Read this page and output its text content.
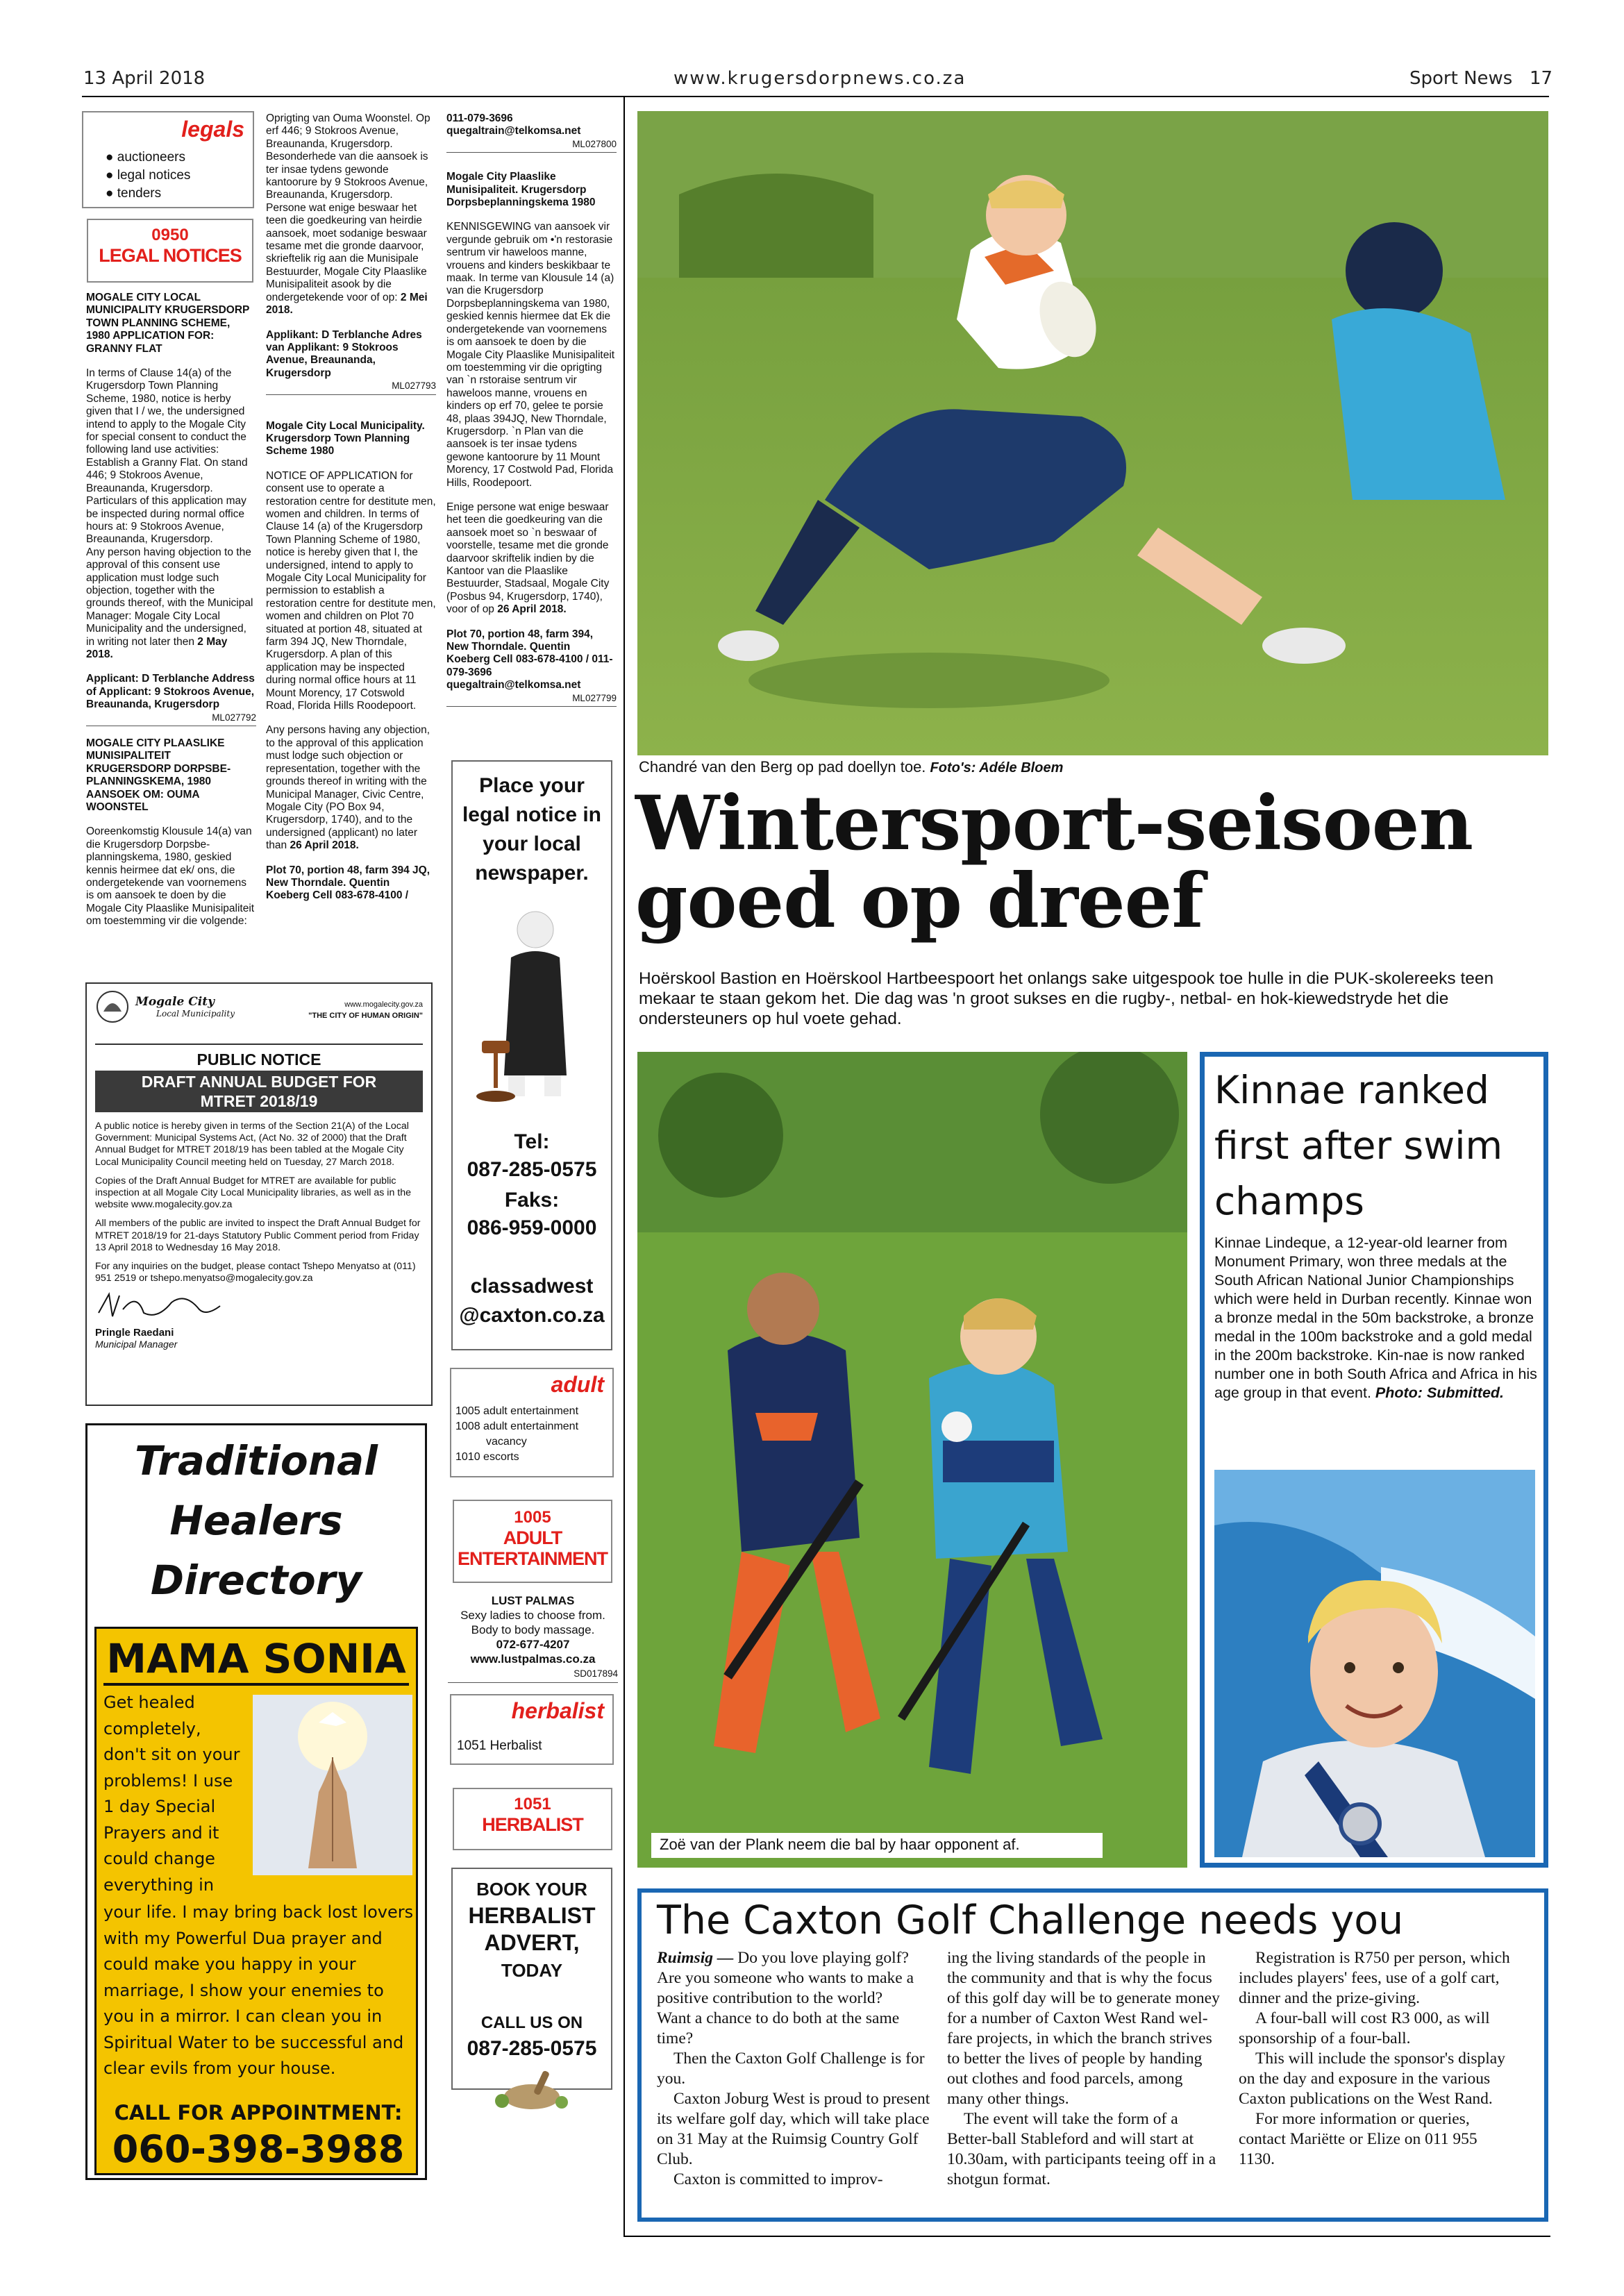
13 April 2018	www.krugersdorpnews.co.za	Sport News 17
legals
● auctioneers
● legal notices
● tenders
0950
LEGAL NOTICES

MOGALE CITY LOCAL MUNICIPALITY KRUGERSDORP TOWN PLANNING SCHEME, 1980 APPLICATION FOR: GRANNY FLAT

In terms of Clause 14(a) of the Krugersdorp Town Planning Scheme, 1980, notice is herby given that I / we, the undersigned intend to apply to the Mogale City for special consent to conduct the following land use activities: Establish a Granny Flat. On stand 446; 9 Stokroos Avenue, Breaunanda, Krugersdorp. Particulars of this application may be inspected during normal office hours at: 9 Stokroos Avenue, Breaunanda, Krugersdorp.

Any person having objection to the approval of this consent use application must lodge such objection, together with the grounds thereof, with the Municipal Manager: Mogale City Local Municipality and the undersigned, in writing not later then 2 May 2018.

Applicant: D Terblanche Address of Applicant: 9 Stokroos Avenue, Breaunanda, Krugersdorp
ML027792

MOGALE CITY PLAASLIKE MUNISIPALITEIT KRUGERSDORP DORPSBE-PLANNINGSKEMA, 1980 AANSOEK OM: OUMA WOONSTEL

Ooreenkomstig Klousule 14(a) van die Krugersdorp Dorpsbe-planningskema, 1980, geskied kennis heirmee dat ek/ ons, die ondergetekende van voornemens is om aansoek te doen by die Mogale City Plaaslike Munisipaliteit om toestemming vir die volgende:
Oprigting van Ouma Woonstel. Op erf 446; 9 Stokroos Avenue, Breaunanda, Krugersdorp. Besonderhede van die aansoek is ter insae tydens gewonde kantoorure by 9 Stokroos Avenue, Breaunanda, Krugersdorp.

Persone wat enige beswaar het teen die goedkeuring van heirdie aansoek, moet sodanige beswaar tesame met die gronde daarvoor, skrieftelik rig aan die Munisipale Bestuurder, Mogale City Plaaslike Munisipaliteit asook by die ondergetekende voor of op: 2 Mei 2018.

Applikant: D Terblanche Adres van Applikant: 9 Stokroos Avenue, Breaunanda, Krugersdorp
ML027793

Mogale City Local Municipality. Krugersdorp Town Planning Scheme 1980

NOTICE OF APPLICATION for consent use to operate a restoration centre for destitute men, women and children. In terms of Clause 14 (a) of the Krugersdorp Town Planning Scheme of 1980, notice is hereby given that I, the undersigned, intend to apply to Mogale City Local Municipality for permission to establish a restoration centre for destitute men, women and children on Plot 70 situated at portion 48, situated at farm 394 JQ, New Thorndale, Krugersdorp. A plan of this application may be inspected during normal office hours at 11 Mount Morency, 17 Cotswold Road, Florida Hills Roodepoort.

Any persons having any objection, to the approval of this application must lodge such objection or representation, together with the grounds thereof in writing with the Municipal Manager, Civic Centre, Mogale City (PO Box 94, Krugersdorp, 1740), and to the undersigned (applicant) no later than 26 April 2018.

Plot 70, portion 48, farm 394 JQ, New Thorndale. Quentin Koeberg Cell 083-678-4100 /
011-079-3696
quegaltrain@telkomsa.net
ML027800

Mogale City Plaaslike Munisipaliteit. Krugersdorp Dorpsbeplanningskema 1980

KENNISGEWING van aansoek vir vergunde gebruik om •'n restorasie sentrum vir haweloos manne, vrouens and kinders beskikbaar te maak. In terme van Klousule 14 (a) van die Krugersdorp Dorpsbeplanningskema van 1980, geskied kennis hiermee dat Ek die ondergetekende van voornemens is om aansoek te doen by die Mogale City Plaaslike Munisipaliteit om toestemming vir die oprigting van `n rstoraise sentrum vir haweloos manne, vrouens en kinders op erf 70, gelee te porsie 48, plaas 394JQ, New Thorndale, Krugersdorp. `n Plan van die aansoek is ter insae tydens gewone kantoorure by 11 Mount Morency, 17 Costwold Pad, Florida Hills, Roodepoort.

Enige persone wat enige beswaar het teen die goedkeuring van die aansoek moet so `n beswaar of voorstelle, tesame met die gronde daarvoor skriftelik indien by die Kantoor van die Plaaslike Bestuurder, Stadsaal, Mogale City (Posbus 94, Krugersdorp, 1740), voor of op 26 April 2018.

Plot 70, portion 48, farm 394, New Thorndale. Quentin Koeberg Cell 083-678-4100 / 011-079-3696 quegaltrain@telkomsa.net
ML027799
Place your legal notice in your local newspaper.
Tel:
087-285-0575
Faks:
086-959-0000
classadwest
@caxton.co.za
adult
1005 adult entertainment
1008 adult entertainment
vacancy
1010 escorts
1005
ADULT ENTERTAINMENT
LUST PALMAS
Sexy ladies to choose from.
Body to body massage.
072-677-4207
www.lustpalmas.co.za
SD017894
herbalist
1051 Herbalist
1051
HERBALIST
BOOK YOUR
HERBALIST
ADVERT,
TODAY
CALL US ON
087-285-0575
Mogale City
Local Municipality
www.mogalecity.gov.za
"THE CITY OF HUMAN ORIGIN"
PUBLIC NOTICE
DRAFT ANNUAL BUDGET FOR MTRET 2018/19

A public notice is hereby given in terms of the Section 21(A) of the Local Government: Municipal Systems Act, (Act No. 32 of 2000) that the Draft Annual Budget for MTRET 2018/19 has been tabled at the Mogale City Local Municipality Council meeting held on Tuesday, 27 March 2018.

Copies of the Draft Annual Budget for MTRET are available for public inspection at all Mogale City Local Municipality libraries, as well as in the website www.mogalecity.gov.za

All members of the public are invited to inspect the Draft Annual Budget for MTRET 2018/19 for 21-days Statutory Public Comment period from Friday 13 April 2018 to Wednesday 16 May 2018.

For any inquiries on the budget, please contact Tshepo Menyatso at (011) 951 2519 or tshepo.menyatso@mogalecity.gov.za

Pringle Raedani
Municipal Manager
Traditional
Healers
Directory
MAMA SONIA
Get healed
completely,
don't sit on your
problems! I use
1 day Special
Prayers and it
could change
everything in
your life. I may bring back lost lovers
with my Powerful Dua prayer and
could make you happy in your
marriage, I show your enemies to
you in a mirror. I can clean you in
Spiritual Water to be successful and
clear evils from your house.
CALL FOR APPOINTMENT:
060-398-3988
Chandré van den Berg op pad doellyn toe. Foto's: Adéle Bloem
Wintersport-seisoen
goed op dreef
Hoërskool Bastion en Hoërskool Hartbeespoort het onlangs sake uitgespook toe hulle in die PUK-skolereeks teen mekaar te staan gekom het. Die dag was 'n groot sukses en die rugby-, netbal- en hok-kiewedstryde het die ondersteuners op hul voete gehad.
Zoë van der Plank neem die bal by haar opponent af.
Kinnae ranked first after swim champs
Kinnae Lindeque, a 12-year-old learner from Monument Primary, won three medals at the South African National Junior Championships which were held in Durban recently. Kinnae won a bronze medal in the 50m backstroke, a bronze medal in the 100m backstroke and a gold medal in the 200m backstroke. Kin-nae is now ranked number one in both South Africa and Africa in his age group in that event. Photo: Submitted.
The Caxton Golf Challenge needs you

Ruimsig — Do you love playing golf? Are you someone who wants to make a positive contribution to the world?

Want a chance to do both at the same time?

Then the Caxton Golf Challenge is for you.

Caxton Joburg West is proud to present its welfare golf day, which will take place on 31 May at the Ruimsig Country Golf Club.

Caxton is committed to improv-

ing the living standards of the people in the community and that is why the focus of this golf day will be to generate money for a number of Caxton West Rand wel-fare projects, in which the branch strives to better the lives of people by handing out clothes and food parcels, among many other things.

The event will take the form of a Better-ball Stableford and will start at 10.30am, with participants teeing off in a shotgun format.

Registration is R750 per person, which includes players' fees, use of a golf cart, dinner and the prize-giving.

A four-ball will cost R3 000, as will sponsorship of a four-ball.

This will include the sponsor's display on the day and exposure in the various Caxton publications on the West Rand.

For more information or queries, contact Mariëtte or Elize on 011 955 1130.
